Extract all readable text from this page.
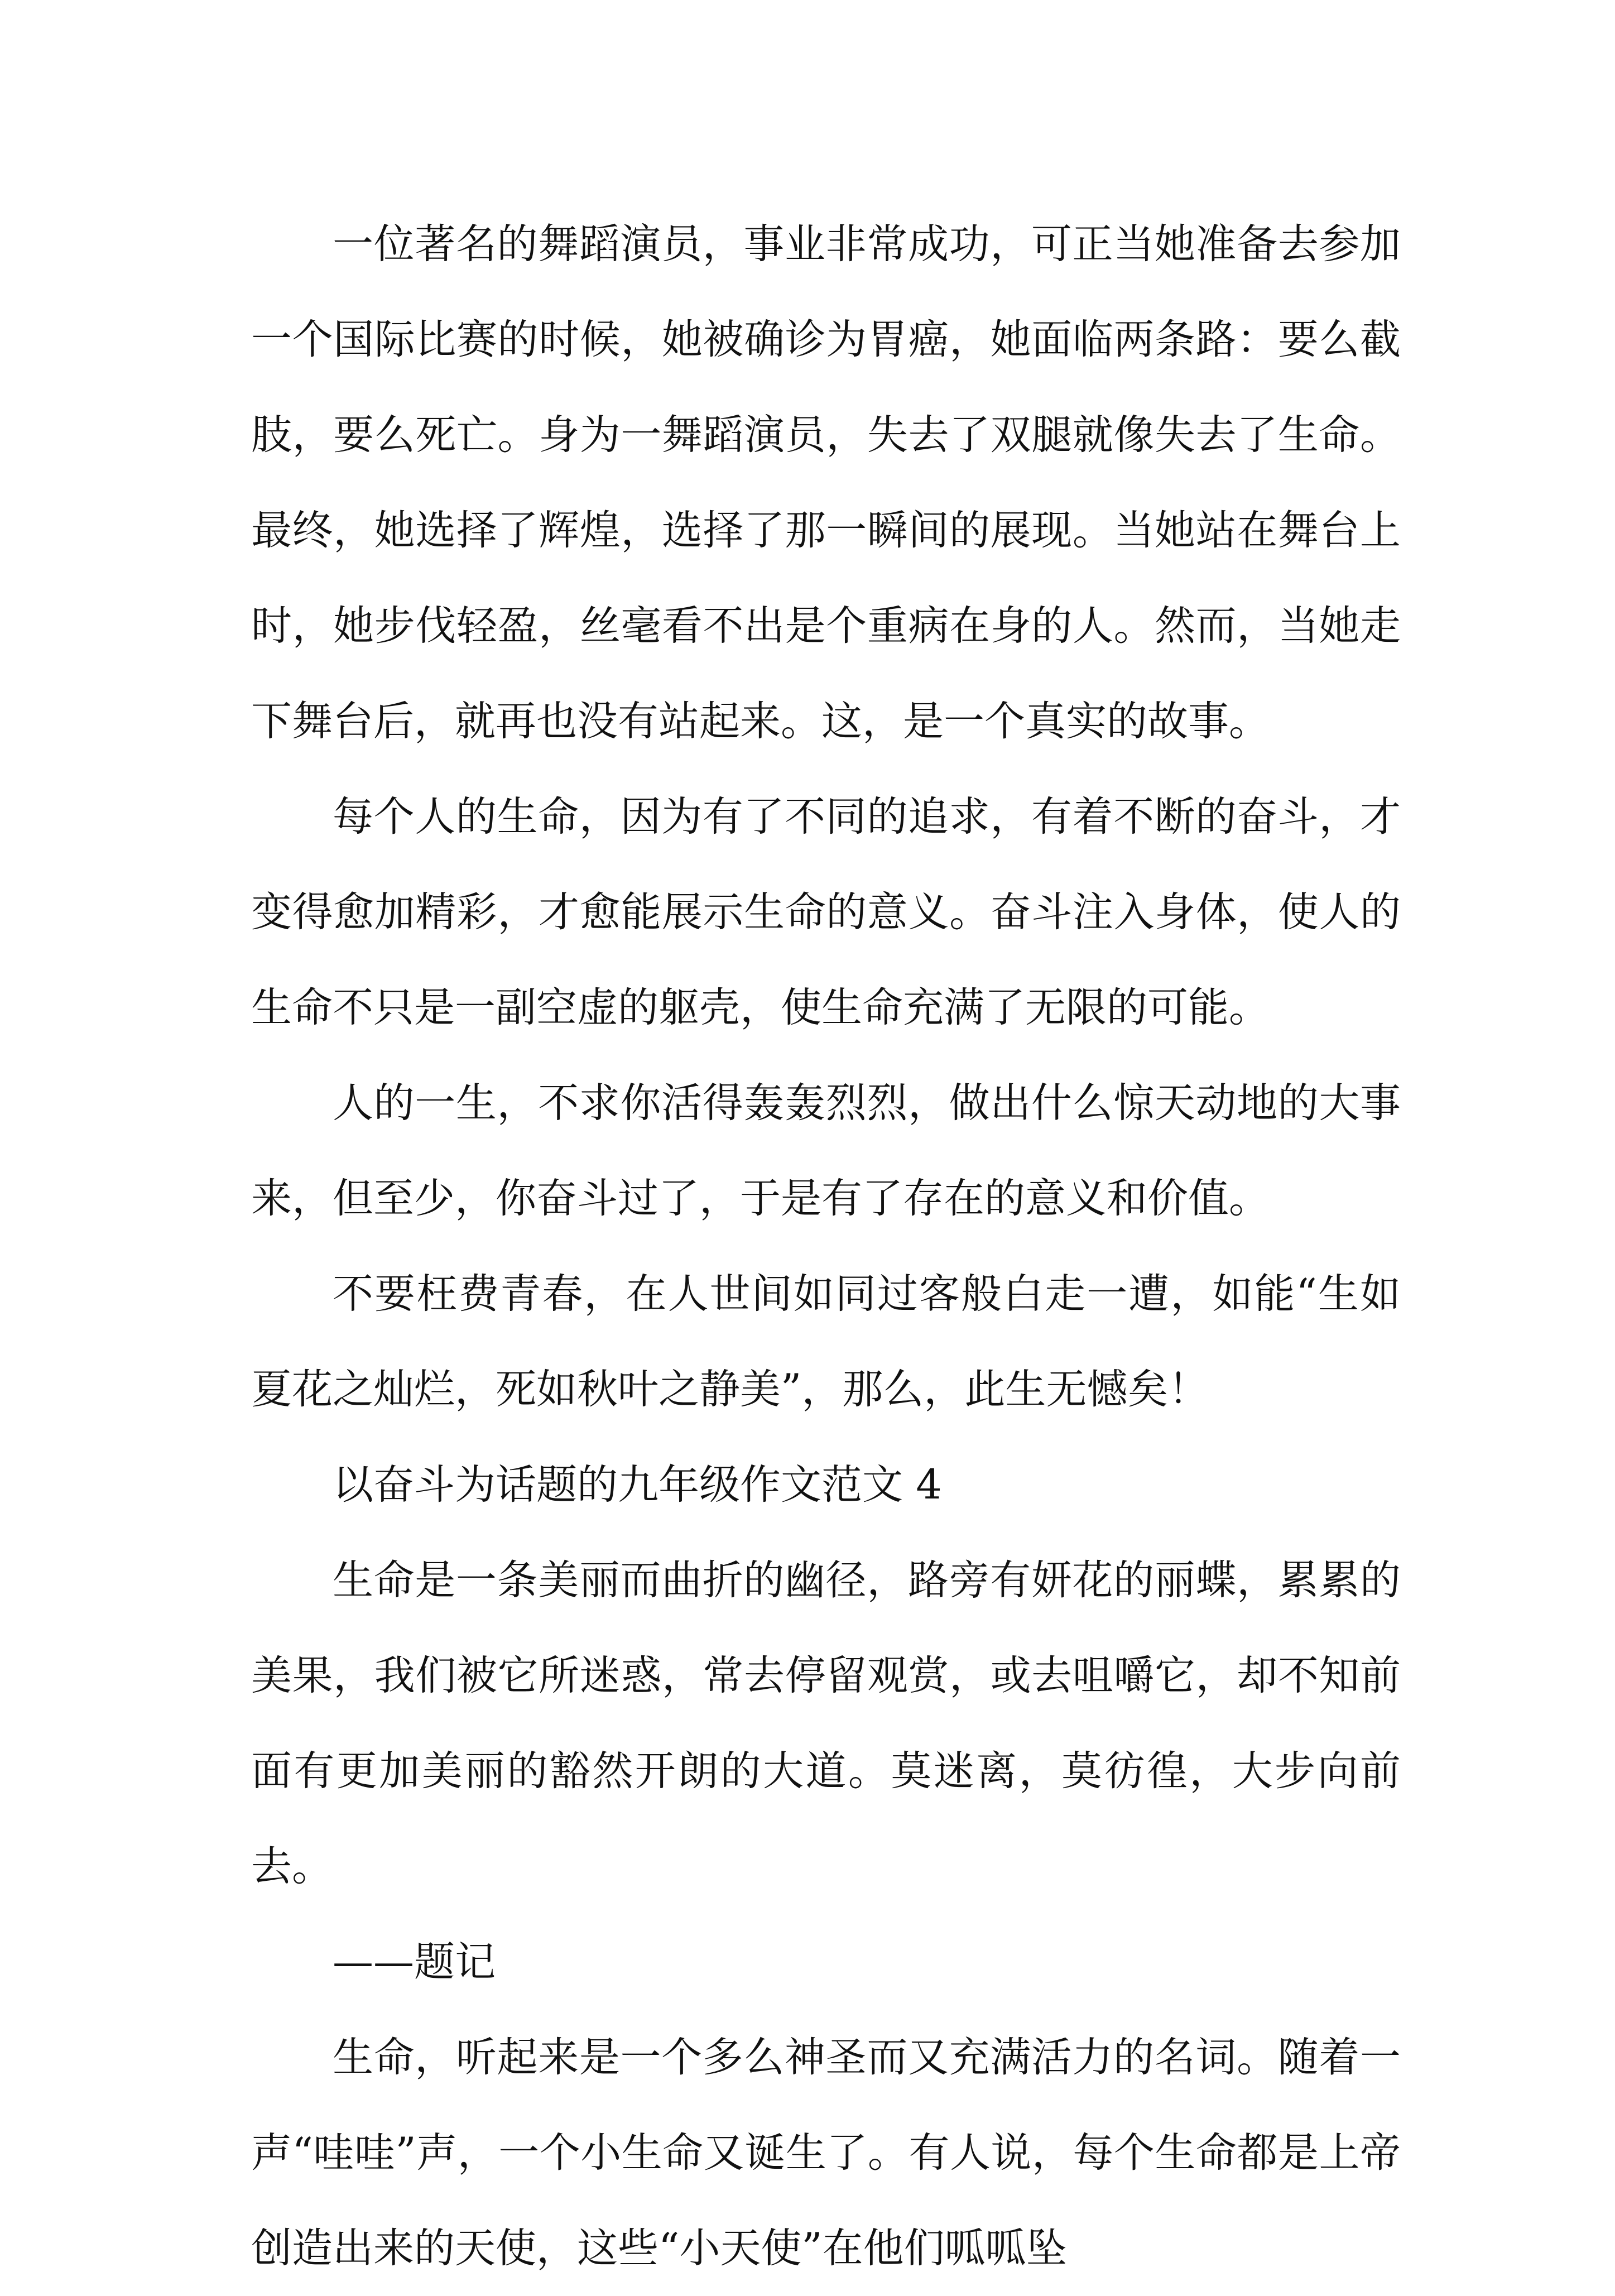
一位著名的舞蹈演员，事业非常成功，可正当她准备去参加一个国际比赛的时候，她被确诊为胃癌，她面临两条路：要么截肢，要么死亡。身为一舞蹈演员，失去了双腿就像失去了生命。最终，她选择了辉煌，选择了那一瞬间的展现。当她站在舞台上时，她步伐轻盈，丝毫看不出是个重病在身的人。然而，当她走下舞台后，就再也没有站起来。这，是一个真实的故事。

每个人的生命，因为有了不同的追求，有着不断的奋斗，才变得愈加精彩，才愈能展示生命的意义。奋斗注入身体，使人的生命不只是一副空虚的躯壳，使生命充满了无限的可能。

人的一生，不求你活得轰轰烈烈，做出什么惊天动地的大事来，但至少，你奋斗过了，于是有了存在的意义和价值。

不要枉费青春，在人世间如同过客般白走一遭，如能“生如夏花之灿烂，死如秋叶之静美”，那么，此生无憾矣！

以奋斗为话题的九年级作文范文 4

生命是一条美丽而曲折的幽径，路旁有妍花的丽蝶，累累的美果，我们被它所迷惑，常去停留观赏，或去咀嚼它，却不知前面有更加美丽的豁然开朗的大道。莫迷离，莫彷徨，大步向前去。

——题记

生命，听起来是一个多么神圣而又充满活力的名词。随着一声“哇哇”声，一个小生命又诞生了。有人说，每个生命都是上帝创造出来的天使，这些“小天使”在他们呱呱坠
